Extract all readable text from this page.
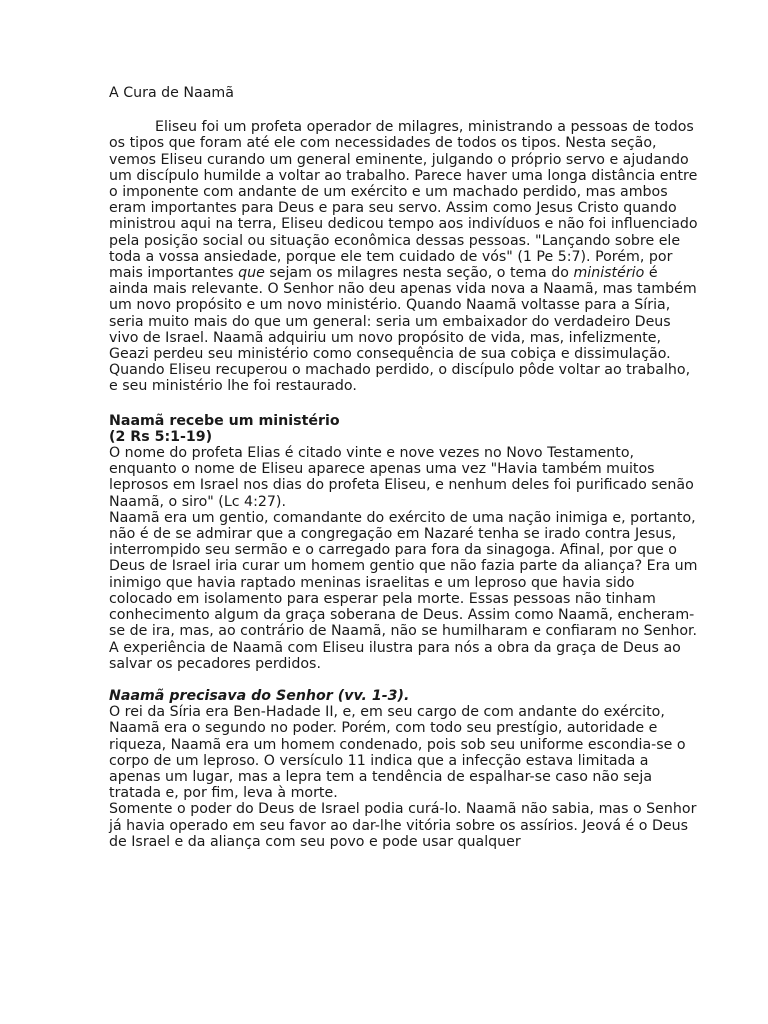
A Cura de Naamã

Eliseu foi um profeta operador de milagres, ministrando a pessoas de todos os tipos que foram até ele com necessidades de todos os tipos. Nesta seção, vemos Eliseu curando um general eminente, julgando o próprio servo e ajudando um discípulo humilde a voltar ao trabalho. Parece haver uma longa distância entre o imponente com andante de um exército e um machado perdido, mas ambos eram importantes para Deus e para seu servo. Assim como Jesus Cristo quando ministrou aqui na terra, Eliseu dedicou tempo aos indivíduos e não foi influenciado pela posição social ou situação econômica dessas pessoas. "Lançando sobre ele toda a vossa ansiedade, porque ele tem cuidado de vós" (1 Pe 5:7). Porém, por mais importantes que sejam os milagres nesta seção, o tema do ministério é ainda mais relevante. O Senhor não deu apenas vida nova a Naamã, mas também um novo propósito e um novo ministério. Quando Naamã voltasse para a Síria, seria muito mais do que um general: seria um embaixador do verdadeiro Deus vivo de Israel. Naamã adquiriu um novo propósito de vida, mas, infelizmente, Geazi perdeu seu ministério como consequência de sua cobiça e dissimulação. Quando Eliseu recuperou o machado perdido, o discípulo pôde voltar ao trabalho, e seu ministério lhe foi restaurado.

Naamã recebe um ministério

(2 Rs 5:1-19)

O nome do profeta Elias é citado vinte e nove vezes no Novo Testamento, enquanto o nome de Eliseu aparece apenas uma vez "Havia também muitos leprosos em Israel nos dias do profeta Eliseu, e nenhum deles foi purificado senão Naamã, o siro" (Lc 4:27).

Naamã era um gentio, comandante do exército de uma nação inimiga e, portanto, não é de se admirar que a congregação em Nazaré tenha se irado contra Jesus, interrompido seu sermão e o carregado para fora da sinagoga. Afinal, por que o Deus de Israel iria curar um homem gentio que não fazia parte da aliança? Era um inimigo que havia raptado meninas israelitas e um leproso que havia sido colocado em isolamento para esperar pela morte. Essas pessoas não tinham conhecimento algum da graça soberana de Deus. Assim como Naamã, encheram-se de ira, mas, ao contrário de Naamã, não se humilharam e confiaram no Senhor. A experiência de Naamã com Eliseu ilustra para nós a obra da graça de Deus ao salvar os pecadores perdidos.

Naamã precisava do Senhor (vv. 1-3).

O rei da Síria era Ben-Hadade II, e, em seu cargo de com andante do exército, Naamã era o segundo no poder. Porém, com todo seu prestígio, autoridade e riqueza, Naamã era um homem condenado, pois sob seu uniforme escondia-se o corpo de um leproso. O versículo 11 indica que a infecção estava limitada a apenas um lugar, mas a lepra tem a tendência de espalhar-se caso não seja tratada e, por fim, leva à morte.

Somente o poder do Deus de Israel podia curá-lo. Naamã não sabia, mas o Senhor já havia operado em seu favor ao dar-lhe vitória sobre os assírios. Jeová é o Deus de Israel e da aliança com seu povo e pode usar qualquer
